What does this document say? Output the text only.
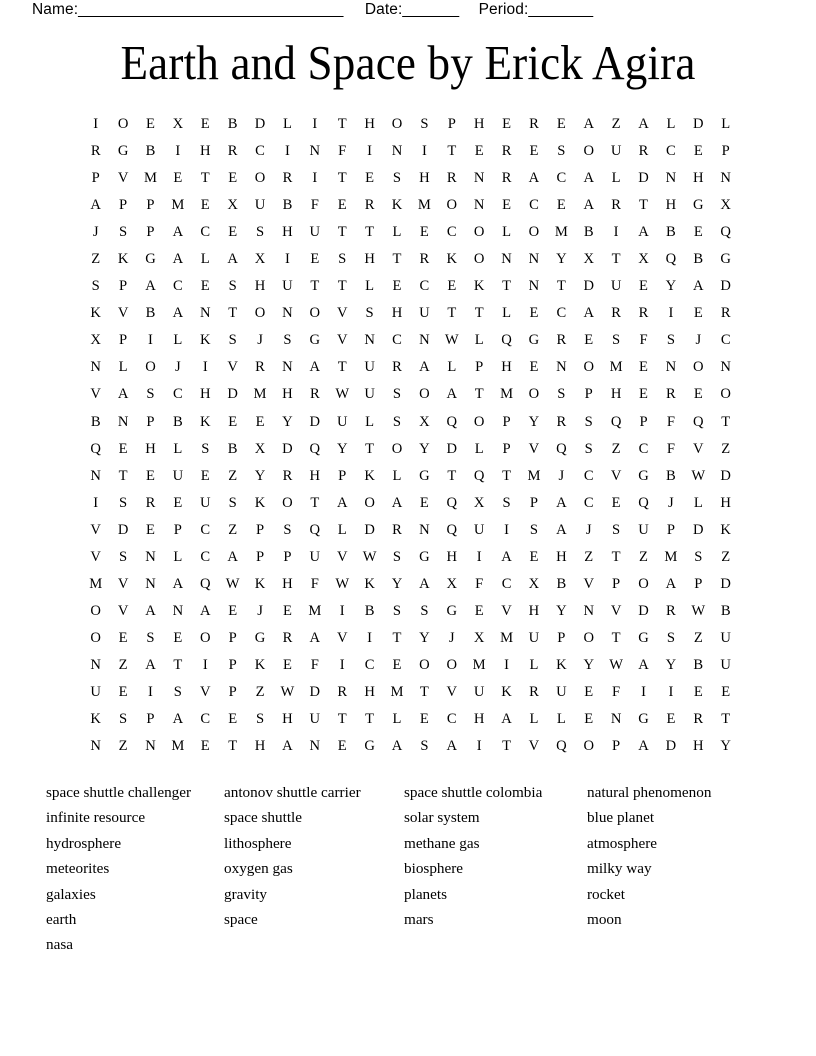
Name: _________________________________ Date: _______ Period: ________
Earth and Space by Erick Agira
I	O	E	X	E	B	D	L	I	T	H	O	S	P	H	E	R	E	A	Z	A	L	D	L
R	G	B	I	H	R	C	I	N	F	I	N	I	T	E	R	E	S	O	U	R	C	E	P
P	V	M	E	T	E	O	R	I	T	E	S	H	R	N	R	A	C	A	L	D	N	H	N
A	P	P	M	E	X	U	B	F	E	R	K	M	O	N	E	C	E	A	R	T	H	G	X
J	S	P	A	C	E	S	H	U	T	T	L	E	C	O	L	O	M	B	I	A	B	E	Q
Z	K	G	A	L	A	X	I	E	S	H	T	R	K	O	N	N	Y	X	T	X	Q	B	G
S	P	A	C	E	S	H	U	T	T	L	E	C	E	K	T	N	T	D	U	E	Y	A	D
K	V	B	A	N	T	O	N	O	V	S	H	U	T	T	L	E	C	A	R	R	I	E	R
X	P	I	L	K	S	J	S	G	V	N	C	N	W	L	Q	G	R	E	S	F	S	J	C
N	L	O	J	I	V	R	N	A	T	U	R	A	L	P	H	E	N	O	M	E	N	O	N
V	A	S	C	H	D	M	H	R	W	U	S	O	A	T	M	O	S	P	H	E	R	E	O
B	N	P	B	K	E	E	Y	D	U	L	S	X	Q	O	P	Y	R	S	Q	P	F	Q	T
Q	E	H	L	S	B	X	D	Q	Y	T	O	Y	D	L	P	V	Q	S	Z	C	F	V	Z
N	T	E	U	E	Z	Y	R	H	P	K	L	G	T	Q	T	M	J	C	V	G	B	W	D
I	S	R	E	U	S	K	O	T	A	O	A	E	Q	X	S	P	A	C	E	Q	J	L	H
V	D	E	P	C	Z	P	S	Q	L	D	R	N	Q	U	I	S	A	J	S	U	P	D	K
V	S	N	L	C	A	P	P	U	V	W	S	G	H	I	A	E	H	Z	T	Z	M	S	Z
M	V	N	A	Q	W	K	H	F	W	K	Y	A	X	F	C	X	B	V	P	O	A	P	D
O	V	A	N	A	E	J	E	M	I	B	S	S	G	E	V	H	Y	N	V	D	R	W	B
O	E	S	E	O	P	G	R	A	V	I	T	Y	J	X	M	U	P	O	T	G	S	Z	U
N	Z	A	T	I	P	K	E	F	I	C	E	O	O	M	I	L	K	Y	W	A	Y	B	U
U	E	I	S	V	P	Z	W	D	R	H	M	T	V	U	K	R	U	E	F	I	I	E	E
K	S	P	A	C	E	S	H	U	T	T	L	E	C	H	A	L	L	E	N	G	E	R	T
N	Z	N	M	E	T	H	A	N	E	G	A	S	A	I	T	V	Q	O	P	A	D	H	Y
space shuttle challenger
infinite resource
hydrosphere
meteorites
galaxies
earth
nasa
antonov shuttle carrier
space shuttle
lithosphere
oxygen gas
gravity
space
space shuttle colombia
solar system
methane gas
biosphere
planets
mars
natural phenomenon
blue planet
atmosphere
milky way
rocket
moon
